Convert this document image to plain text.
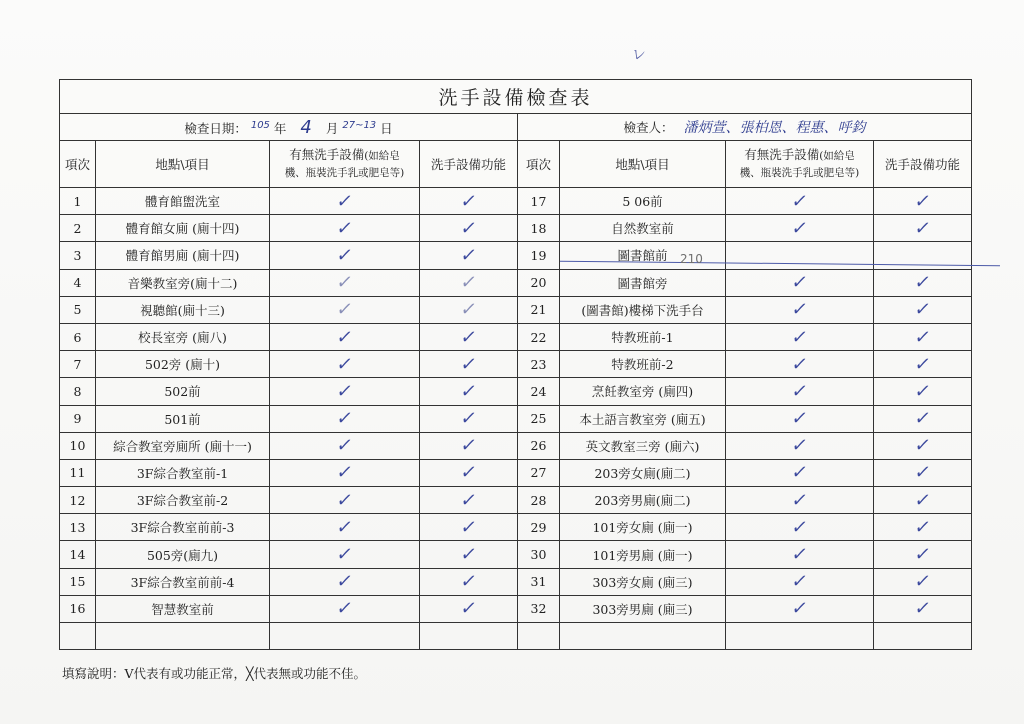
レ
洗手設備檢查表							
檢查日期： $^{105}$ 年 4 月 $^{27\sim 13}$ 日				檢查人： 潘炳萱、張柏恩、程惠、呼鈞			
項次	地點\項目	有無洗手設備(如給皂
機、瓶裝洗手乳或肥皂等)	洗手設備功能	項次	地點\項目	有無洗手設備(如給皂
機、瓶裝洗手乳或肥皂等)	洗手設備功能
1	體育館盥洗室	✓	✓	17	5 06前	✓	✓
2	體育館女廁 (廁十四)	✓	✓	18	自然教室前	✓	✓
3	體育館男廁 (廁十四)	✓	✓	19	圖書館前		
4	音樂教室旁(廁十二)	✓	✓	20	圖書館旁	✓	✓
5	視聽館(廁十三)	✓	✓	21	(圖書館)樓梯下洗手台	✓	✓
6	校長室旁 (廁八)	✓	✓	22	特教班前-1	✓	✓
7	502旁 (廁十)	✓	✓	23	特教班前-2	✓	✓
8	502前	✓	✓	24	烹飪教室旁 (廁四)	✓	✓
9	501前	✓	✓	25	本土語言教室旁 (廁五)	✓	✓
10	綜合教室旁廁所 (廁十一)	✓	✓	26	英文教室三旁 (廁六)	✓	✓
11	3F綜合教室前-1	✓	✓	27	203旁女廁(廁二)	✓	✓
12	3F綜合教室前-2	✓	✓	28	203旁男廁(廁二)	✓	✓
13	3F綜合教室前前-3	✓	✓	29	101旁女廁 (廁一)	✓	✓
14	505旁(廁九)	✓	✓	30	101旁男廁 (廁一)	✓	✓
15	3F綜合教室前前-4	✓	✓	31	303旁女廁 (廁三)	✓	✓
16	智慧教室前	✓	✓	32	303旁男廁 (廁三)	✓	✓

210
填寫說明：V代表有或功能正常，╳代表無或功能不佳。
